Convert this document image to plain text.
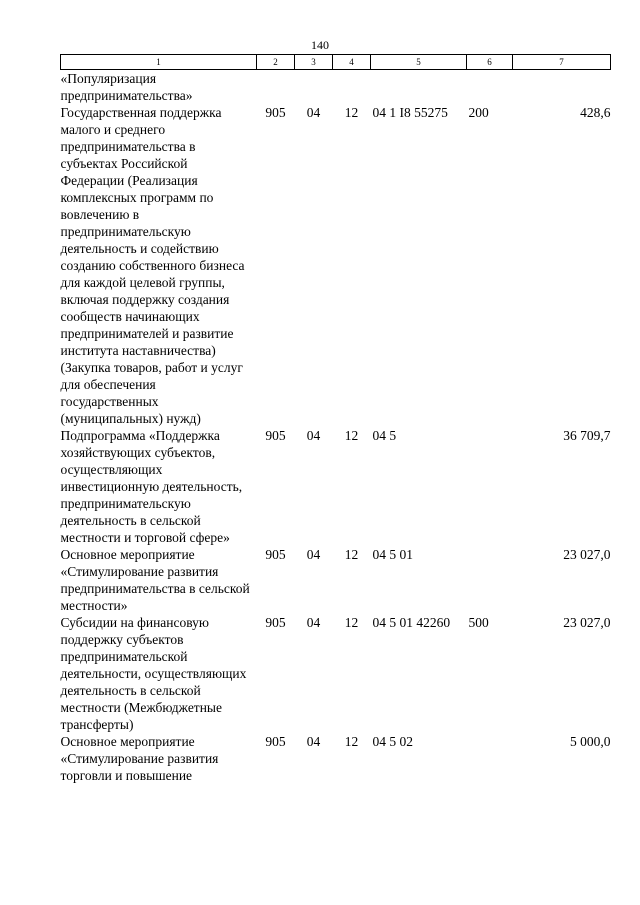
140
1	2	3	4	5	6	7
«Популяризация предпринимательства»						
Государственная поддержка малого и среднего предпринимательства в субъектах Российской Федерации (Реализация комплексных программ по вовлечению в предпринимательскую деятельность и содействию созданию собственного бизнеса для каждой целевой группы, включая поддержку создания сообществ начинающих предпринимателей и развитие института наставничества) (Закупка товаров, работ и услуг для обеспечения государственных (муниципальных) нужд)	905	04	12	04 1 I8 55275	200	428,6
Подпрограмма «Поддержка хозяйствующих субъектов, осуществляющих инвестиционную деятельность, предпринимательскую деятельность в сельской местности и торговой сфере»	905	04	12	04 5		36 709,7
Основное мероприятие «Стимулирование развития предпринимательства в сельской местности»	905	04	12	04 5 01		23 027,0
Субсидии на финансовую поддержку субъектов предпринимательской деятельности, осуществляющих деятельность в сельской местности (Межбюджетные трансферты)	905	04	12	04 5 01 42260	500	23 027,0
Основное мероприятие «Стимулирование развития торговли и повышение	905	04	12	04 5 02		5 000,0
